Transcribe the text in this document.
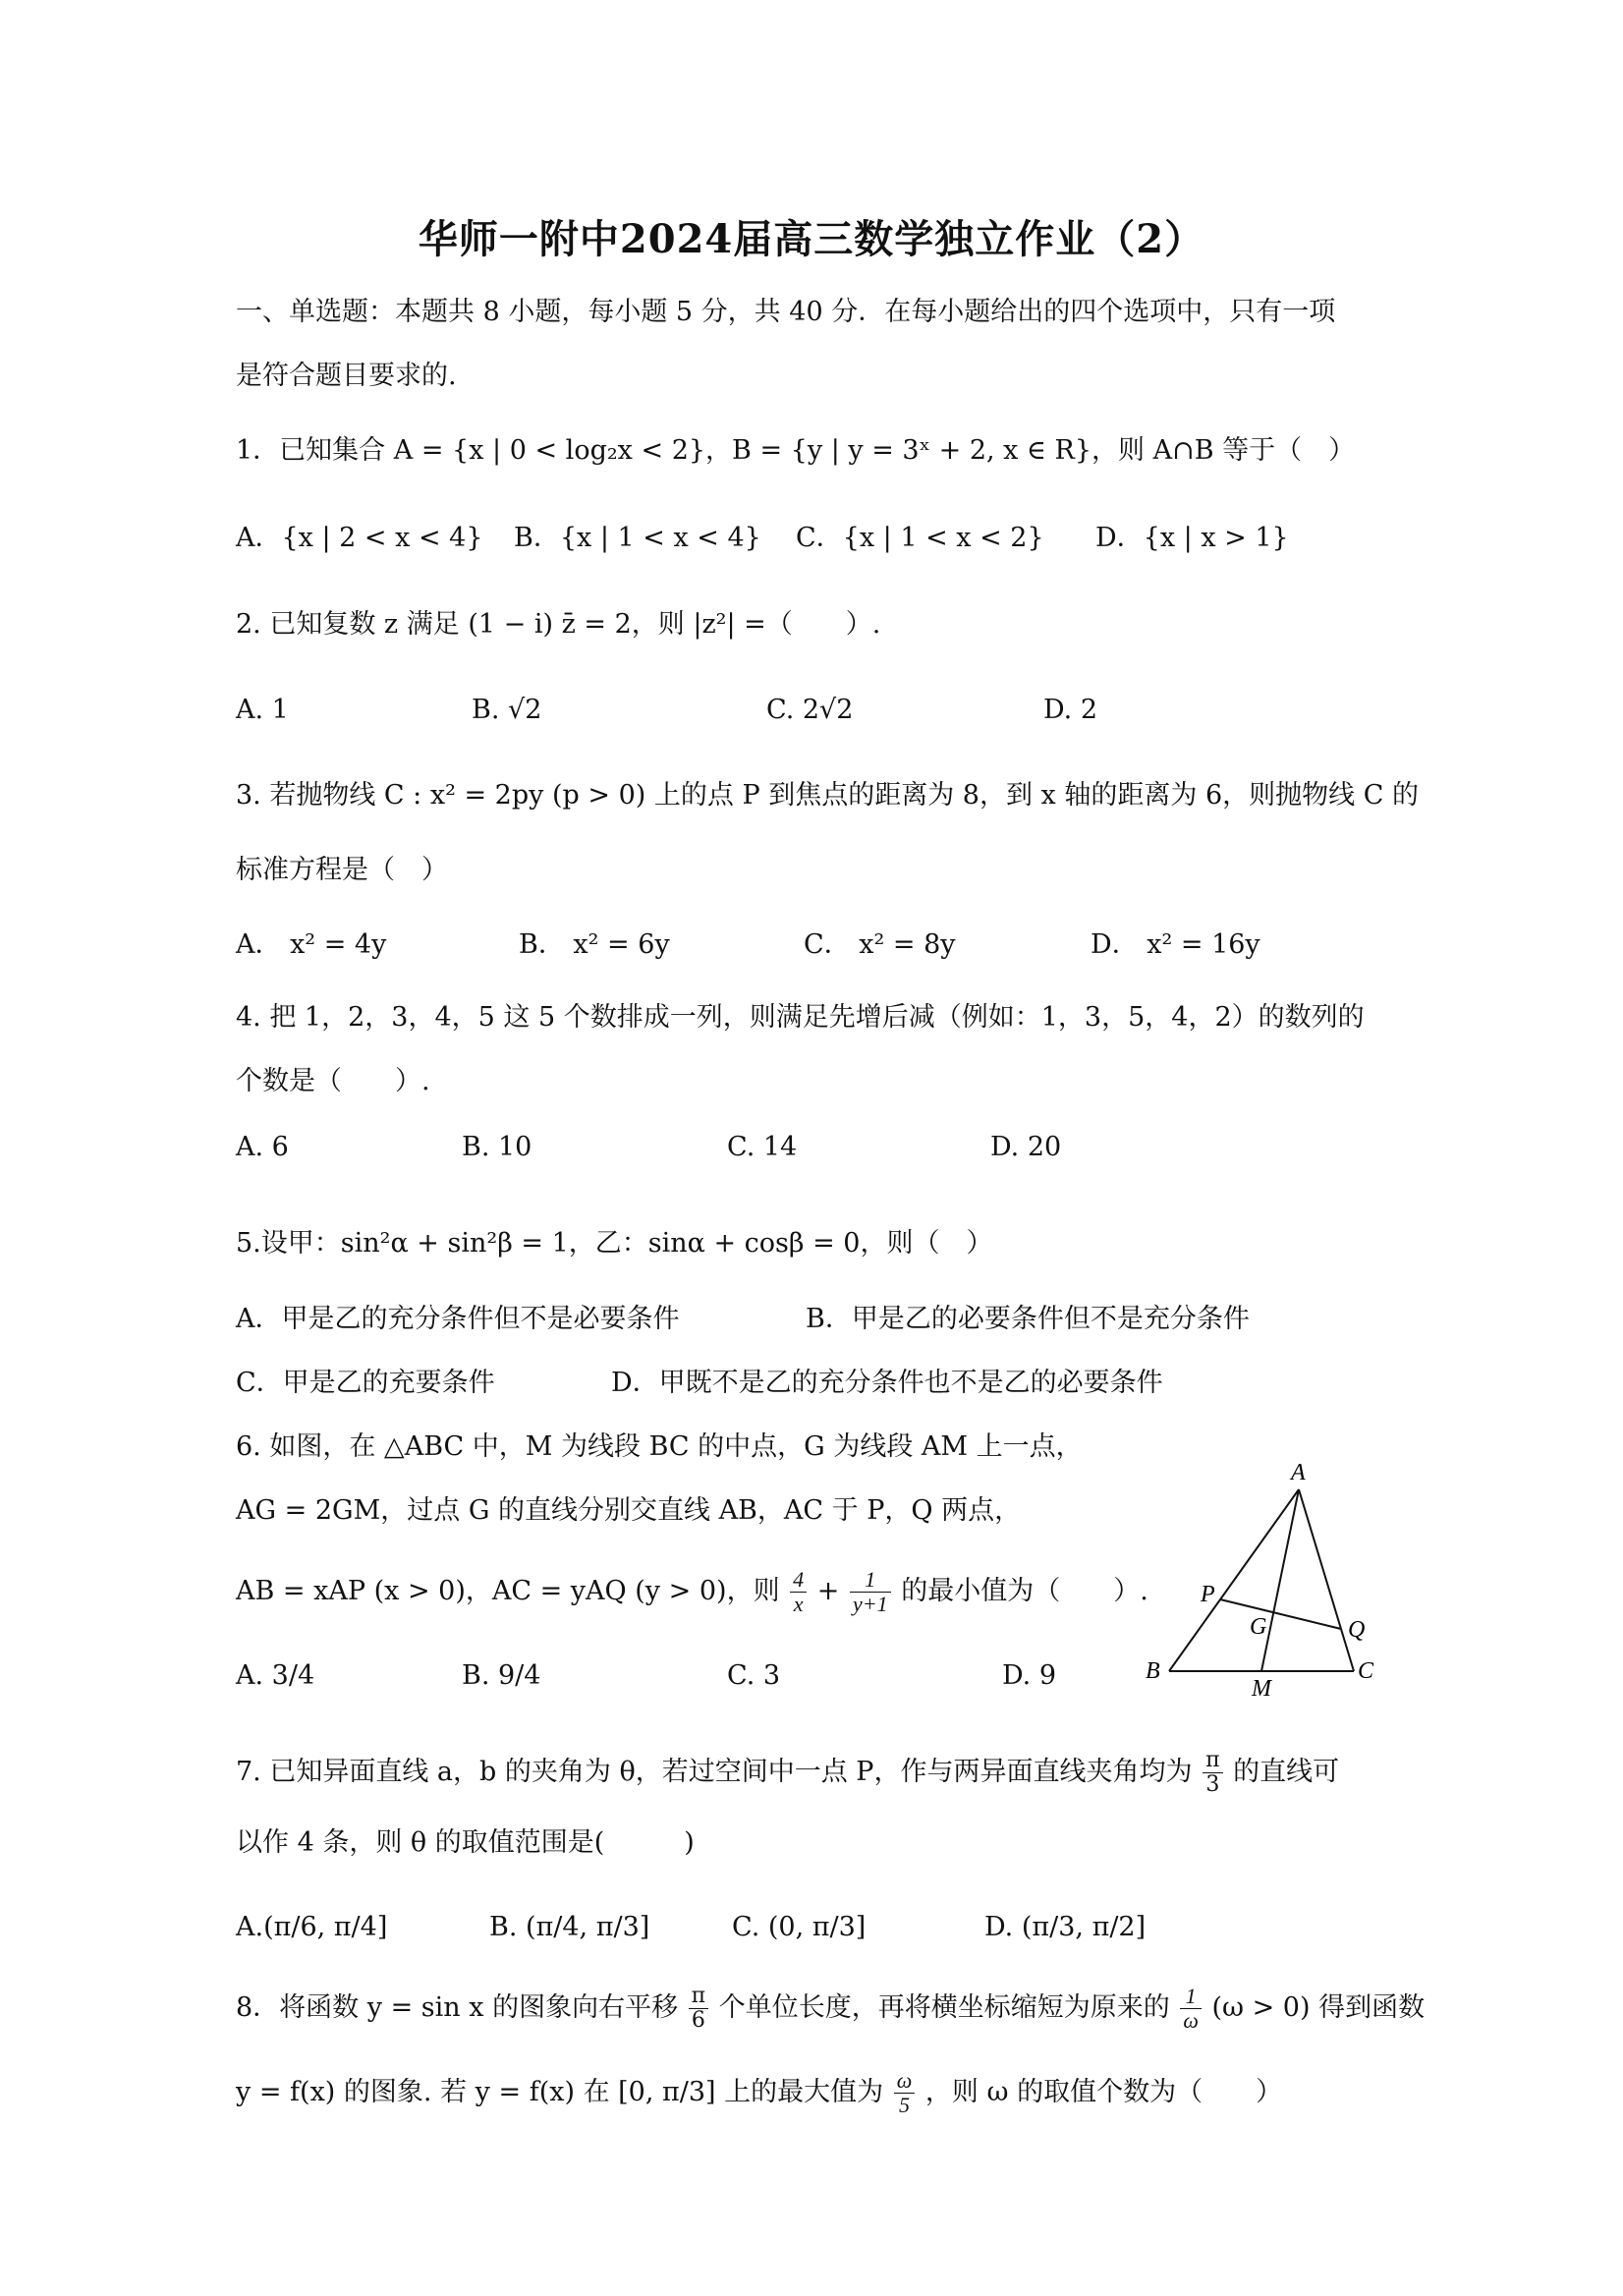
华师一附中2024届高三数学独立作业（2）
一、单选题：本题共 8 小题，每小题 5 分，共 40 分．在每小题给出的四个选项中，只有一项
是符合题目要求的.
1．已知集合 A = {x | 0 < log₂x < 2}，B = {y | y = 3ˣ + 2, x ∈ R}，则 A∩B 等于（　）
A．{x | 2 < x < 4} B．{x | 1 < x < 4} C．{x | 1 < x < 2} D．{x | x > 1}
2. 已知复数 z 满足 (1 − i) z̄ = 2，则 |z²| =（　　）.
A. 1	B. √2	C. 2√2	D. 2
3. 若抛物线 C : x² = 2py (p > 0) 上的点 P 到焦点的距离为 8，到 x 轴的距离为 6，则抛物线 C 的
标准方程是（　）
A． x² = 4y	B． x² = 6y	C． x² = 8y	D． x² = 16y
4. 把 1，2，3，4，5 这 5 个数排成一列，则满足先增后减（例如：1，3，5，4，2）的数列的
个数是（　　）.
A. 6	B. 10	C. 14	D. 20
5.设甲：sin²α + sin²β = 1，乙：sinα + cosβ = 0，则（　）
A．甲是乙的充分条件但不是必要条件	B．甲是乙的必要条件但不是充分条件
C．甲是乙的充要条件	D．甲既不是乙的充分条件也不是乙的必要条件
6. 如图，在 △ABC 中，M 为线段 BC 的中点，G 为线段 AM 上一点，
AG = 2GM，过点 G 的直线分别交直线 AB，AC 于 P，Q 两点，
AB = xAP (x > 0)，AC = yAQ (y > 0)，则 $\frac{4}{x} + \frac{1}{y+1}$ 的最小值为（　　）.
A. 3/4	B. 9/4	C. 3	D. 9
A
P
G	Q
B
M
C
7. 已知异面直线 a，b 的夹角为 θ，若过空间中一点 P，作与两异面直线夹角均为 $\frac{\pi}{3}$ 的直线可
以作 4 条，则 θ 的取值范围是(　　　)
A.(π/6, π/4]	B. (π/4, π/3]	C. (0, π/3]	D. (π/3, π/2]
8．将函数 y = sin x 的图象向右平移 $\frac{\pi}{6}$ 个单位长度，再将横坐标缩短为原来的 $\frac{1}{\omega} (\omega > 0)$ 得到函数
y = f(x) 的图象. 若 y = f(x) 在 [0, π/3] 上的最大值为 $\frac{\omega}{5}$ ，则 ω 的取值个数为（　　）
